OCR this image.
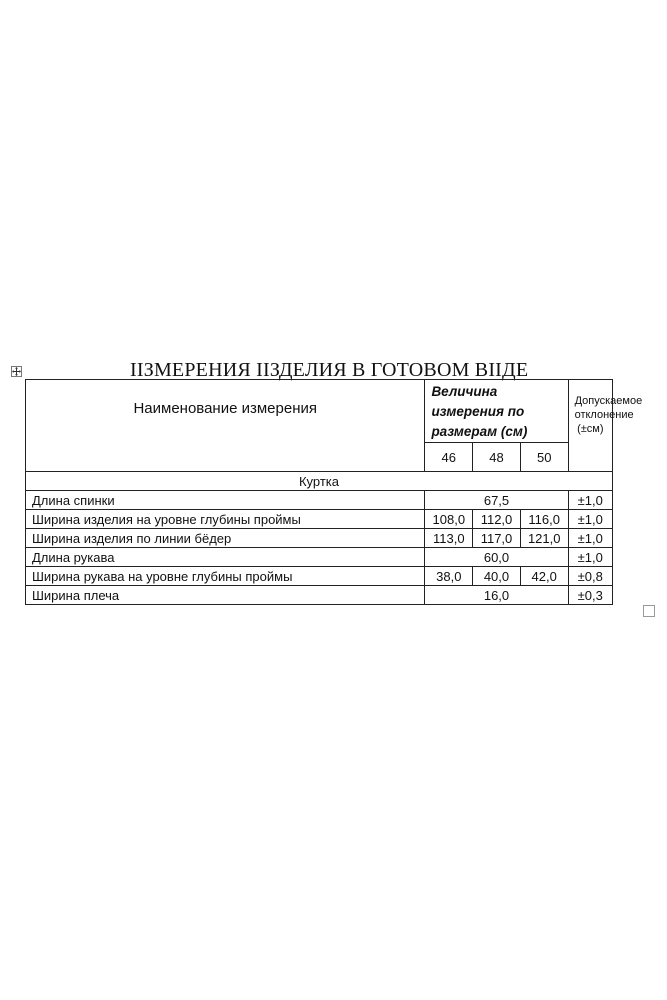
IIЗМЕРЕНИЯ IIЗДЕЛИЯ В ГОТОВОМ ВIIДЕ
Наименование измерения	Величина измерения по размерам (см)			Допускаемое отклонение (±см)
	46	48	50	
Куртка				
Длина спинки	67,5			±1,0
Ширина изделия на уровне глубины проймы	108,0	112,0	116,0	±1,0
Ширина изделия по линии бёдер	113,0	117,0	121,0	±1,0
Длина рукава	60,0			±1,0
Ширина рукава на уровне глубины проймы	38,0	40,0	42,0	±0,8
Ширина плеча	16,0			±0,3
